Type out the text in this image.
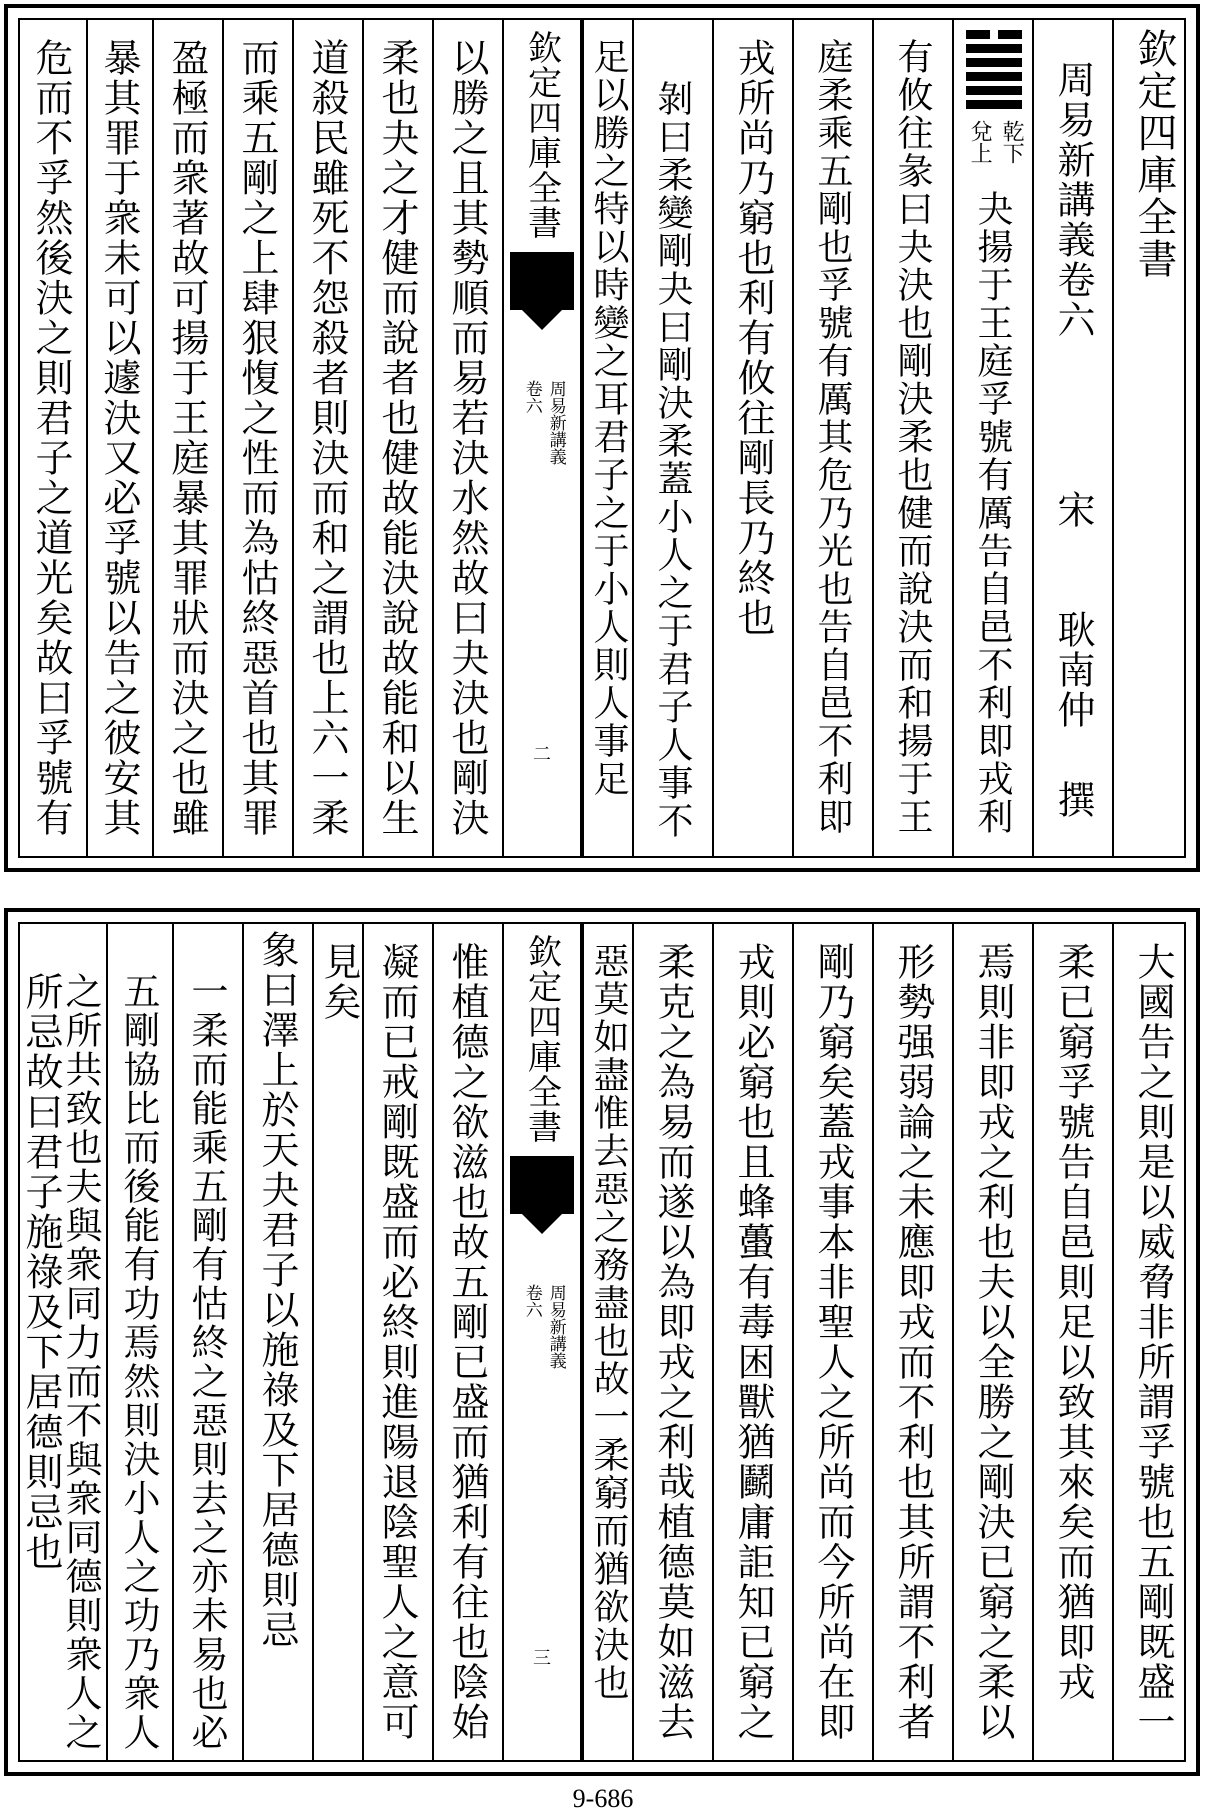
欽定四庫全書
周易新講義卷六
宋
耿南仲
撰
乾下
兌上
夬揚于王庭孚號有厲告自邑不利即戎利
有攸往彖曰夬決也剛決柔也健而說決而和揚于王
庭柔乘五剛也孚號有厲其危乃光也告自邑不利即
戎所尚乃窮也利有攸往剛長乃終也
剝曰柔變剛夬曰剛決柔蓋小人之于君子人事不
足以勝之特以時變之耳君子之于小人則人事足
欽定四庫全書
周易新講義
卷六
二
以勝之且其勢順而易若決水然故曰夬決也剛決
柔也夬之才健而說者也健故能決說故能和以生
道殺民雖死不怨殺者則決而和之謂也上六一柔
而乘五剛之上肆狠愎之性而為怙終惡首也其罪
盈極而衆著故可揚于王庭暴其罪狀而決之也雖
暴其罪于衆未可以遽決又必孚號以告之彼安其
危而不孚然後決之則君子之道光矣故曰孚號有
大國告之則是以威脅非所謂孚號也五剛既盛一
柔已窮孚號告自邑則足以致其來矣而猶即戎
焉則非即戎之利也夫以全勝之剛決已窮之柔以
形勢强弱論之未應即戎而不利也其所謂不利者
剛乃窮矣蓋戎事本非聖人之所尚而今所尚在即
戎則必窮也且蜂蠆有毒困獸猶鬬庸詎知已窮之
柔克之為易而遂以為即戎之利哉植德莫如滋去
惡莫如盡惟去惡之務盡也故一柔窮而猶欲決也
欽定四庫全書
周易新講義
卷六
三
惟植德之欲滋也故五剛已盛而猶利有往也陰始
凝而已戒剛既盛而必終則進陽退陰聖人之意可
見矣
象曰澤上於天夬君子以施祿及下居德則忌
一柔而能乘五剛有怙終之惡則去之亦未易也必
五剛協比而後能有功焉然則決小人之功乃衆人
之所共致也夫與衆同力而不與衆同德則衆人之
所忌故曰君子施祿及下居德則忌也
9-686
